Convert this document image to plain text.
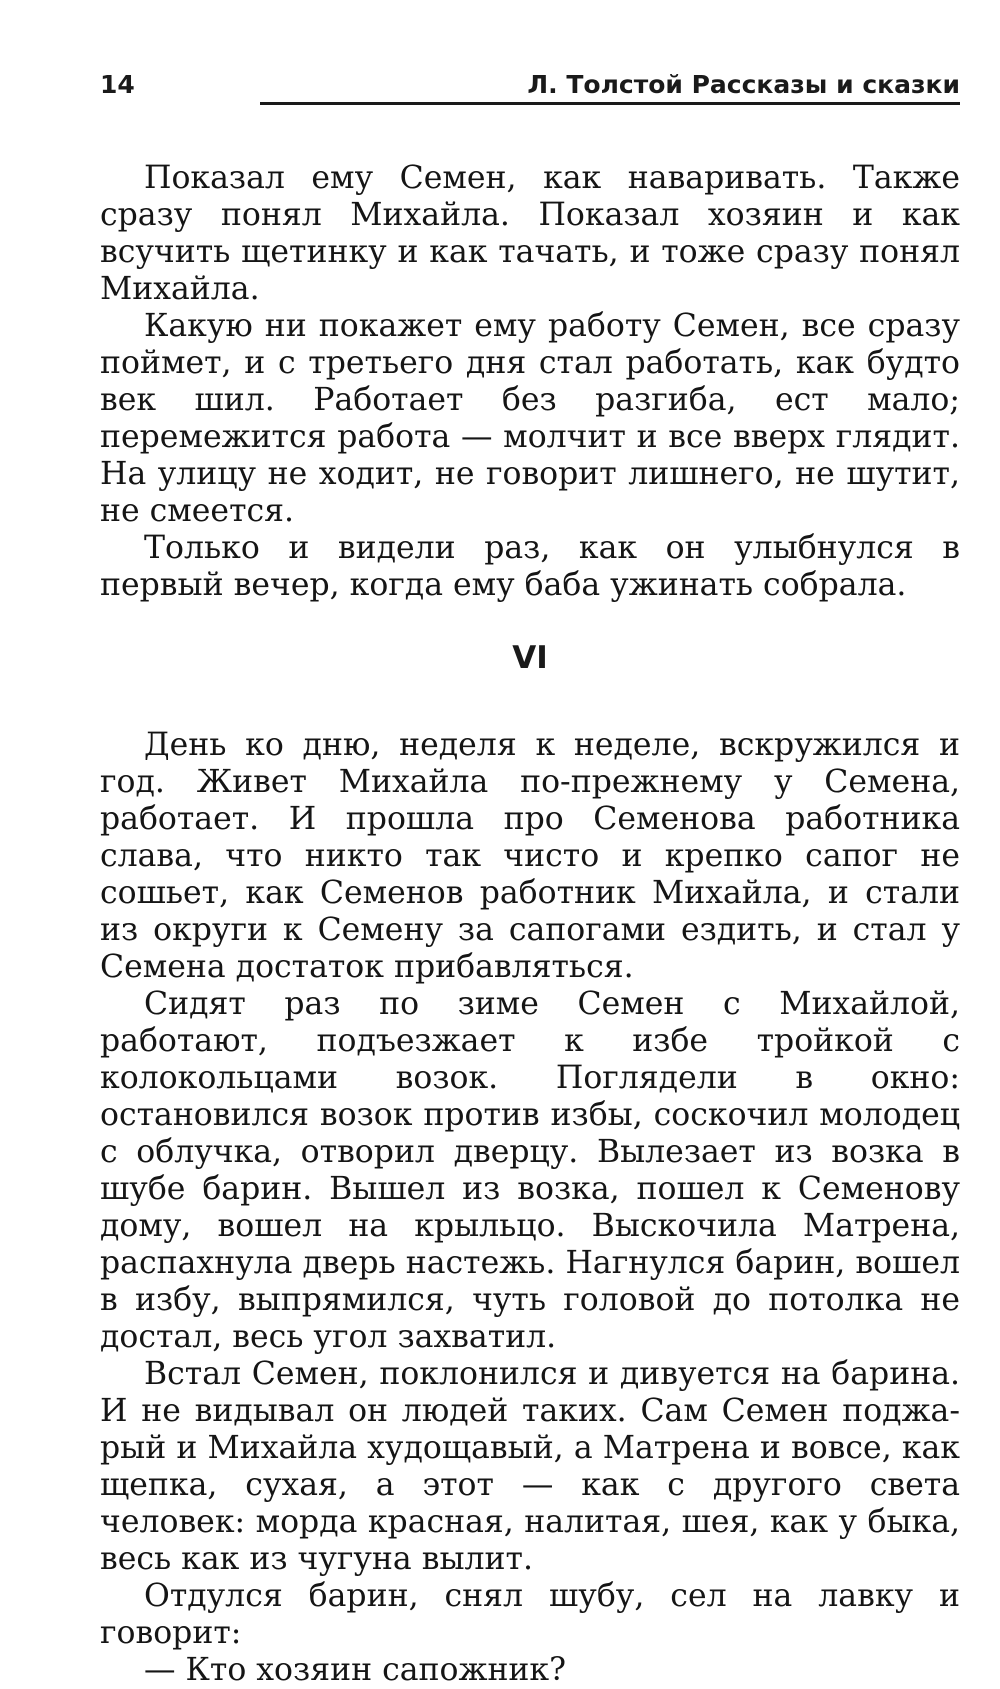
14	Л. Толстой Рассказы и сказки

Показал ему Семен, как наваривать. Также сразу понял Михайла. Показал хозяин и как всучить щетинку и как тачать, и тоже сразу понял Михайла.

Какую ни покажет ему работу Семен, все сразу поймет, и с третьего дня стал работать, как будто век шил. Работает без разгиба, ест мало; перемежится работа — молчит и все вверх глядит. На улицу не ходит, не говорит лишнего, не шутит, не смеется.

Только и видели раз, как он улыбнулся в первый вечер, когда ему баба ужинать собрала.

VI

День ко дню, неделя к неделе, вскружился и год. Живет Михайла по-прежнему у Семена, работает. И прошла про Семенова работника слава, что никто так чисто и крепко сапог не сошьет, как Семенов работник Михайла, и стали из округи к Семену за сапогами ездить, и стал у Семена достаток прибавляться.

Сидят раз по зиме Семен с Михайлой, работают, подъезжает к избе тройкой с колокольцами возок. Поглядели в окно: остановился возок против избы, соскочил молодец с облучка, отворил дверцу. Вылезает из возка в шубе барин. Вышел из возка, пошел к Семенову дому, вошел на крыльцо. Выскочила Матрена, распахнула дверь настежь. Нагнулся барин, вошел в избу, выпрямился, чуть головой до потолка не достал, весь угол захватил.

Встал Семен, поклонился и дивуется на барина. И не видывал он людей таких. Сам Семен поджарый и Михайла худощавый, а Матрена и вовсе, как щепка, сухая, а этот — как с другого света человек: морда красная, налитая, шея, как у быка, весь как из чугуна вылит.

Отдулся барин, снял шубу, сел на лавку и говорит:

— Кто хозяин сапожник?
